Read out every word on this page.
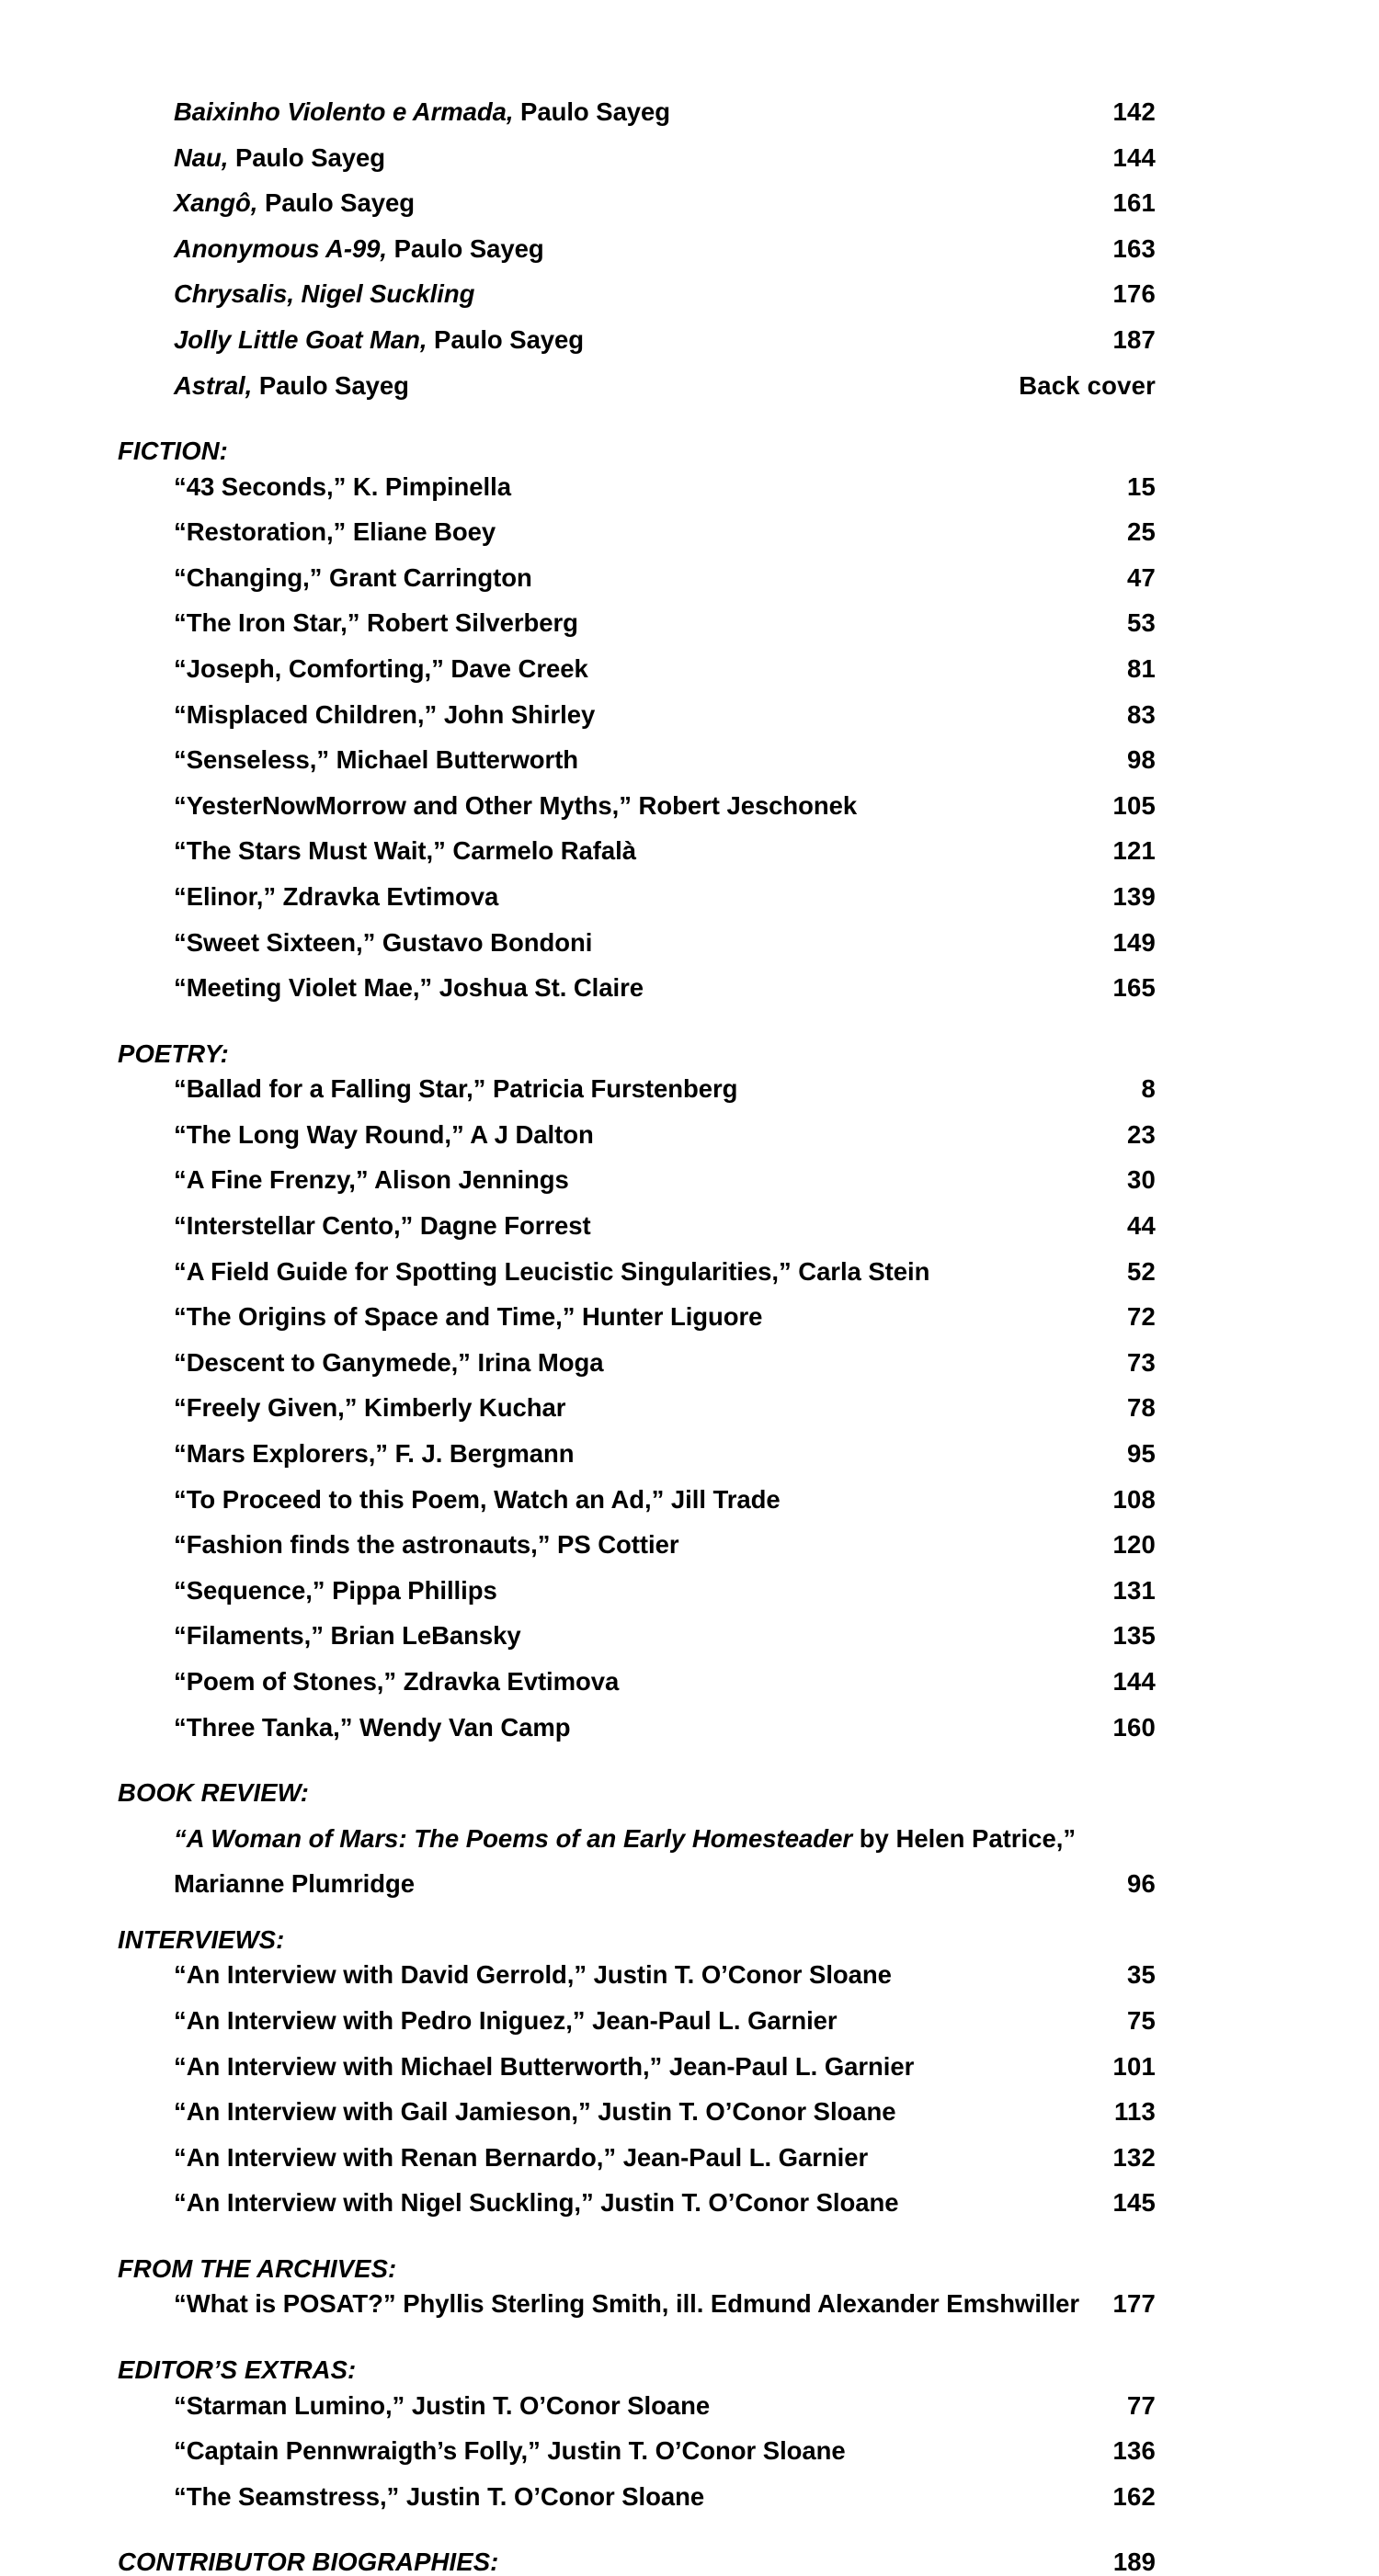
Baixinho Violento e Armada, Paulo Sayeg	142
Nau, Paulo Sayeg	144
Xangô, Paulo Sayeg	161
Anonymous A-99, Paulo Sayeg	163
Chrysalis, Nigel Suckling	176
Jolly Little Goat Man, Paulo Sayeg	187
Astral, Paulo Sayeg	Back cover
FICTION:
“43 Seconds,” K. Pimpinella	15
“Restoration,” Eliane Boey	25
“Changing,” Grant Carrington	47
“The Iron Star,” Robert Silverberg	53
“Joseph, Comforting,” Dave Creek	81
“Misplaced Children,” John Shirley	83
“Senseless,” Michael Butterworth	98
“YesterNowMorrow and Other Myths,” Robert Jeschonek	105
“The Stars Must Wait,” Carmelo Rafalà	121
“Elinor,” Zdravka Evtimova	139
“Sweet Sixteen,” Gustavo Bondoni	149
“Meeting Violet Mae,” Joshua St. Claire	165
POETRY:
“Ballad for a Falling Star,” Patricia Furstenberg	8
“The Long Way Round,” A J Dalton	23
“A Fine Frenzy,” Alison Jennings	30
“Interstellar Cento,” Dagne Forrest	44
“A Field Guide for Spotting Leucistic Singularities,” Carla Stein	52
“The Origins of Space and Time,” Hunter Liguore	72
“Descent to Ganymede,” Irina Moga	73
“Freely Given,” Kimberly Kuchar	78
“Mars Explorers,” F. J. Bergmann	95
“To Proceed to this Poem, Watch an Ad,” Jill Trade	108
“Fashion finds the astronauts,” PS Cottier	120
“Sequence,” Pippa Phillips	131
“Filaments,” Brian LeBansky	135
“Poem of Stones,” Zdravka Evtimova	144
“Three Tanka,” Wendy Van Camp	160
BOOK REVIEW:
“A Woman of Mars: The Poems of an Early Homesteader by Helen Patrice,”
Marianne Plumridge	96
INTERVIEWS:
“An Interview with David Gerrold,” Justin T. O’Conor Sloane	35
“An Interview with Pedro Iniguez,” Jean-Paul L. Garnier	75
“An Interview with Michael Butterworth,” Jean-Paul L. Garnier	101
“An Interview with Gail Jamieson,” Justin T. O’Conor Sloane	113
“An Interview with Renan Bernardo,” Jean-Paul L. Garnier	132
“An Interview with Nigel Suckling,” Justin T. O’Conor Sloane	145
FROM THE ARCHIVES:
“What is POSAT?” Phyllis Sterling Smith, ill. Edmund Alexander Emshwiller	177
EDITOR’S EXTRAS:
“Starman Lumino,” Justin T. O’Conor Sloane	77
“Captain Pennwraigth’s Folly,” Justin T. O’Conor Sloane	136
“The Seamstress,” Justin T. O’Conor Sloane	162
CONTRIBUTOR BIOGRAPHIES:	189
